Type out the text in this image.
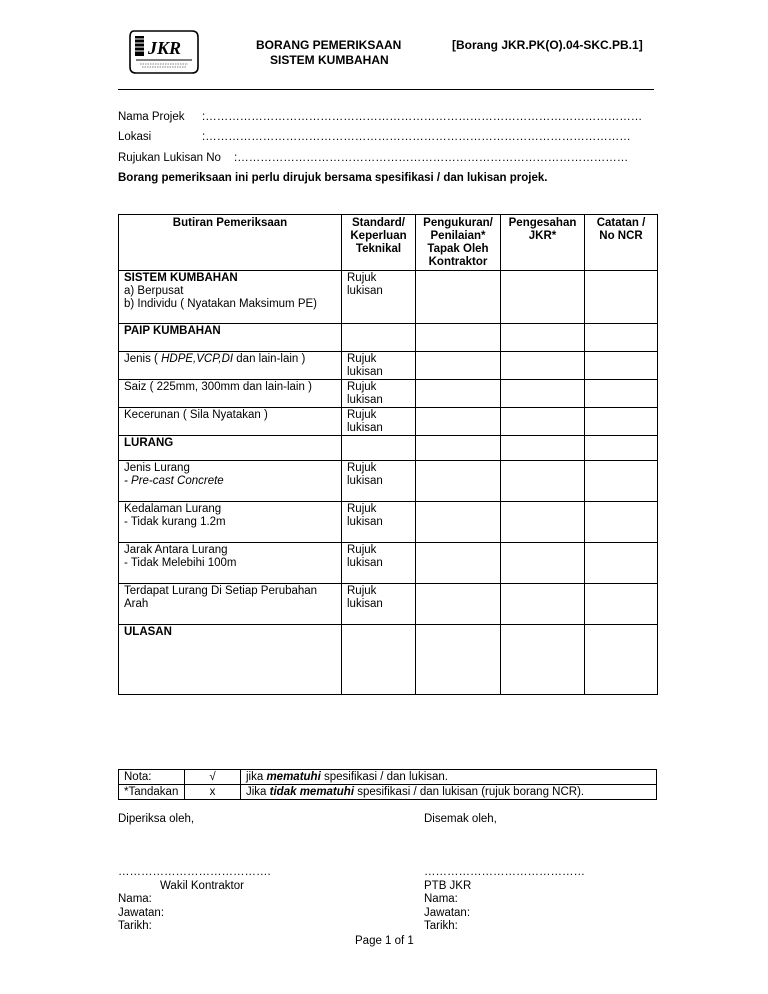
JKR	BORANG PEMERIKSAAN
SISTEM KUMBAHAN
[Borang JKR.PK(O).04-SKC.PB.1]
Nama Projek :……………………………………………………………………………………………………
Lokasi	:…………………………………………………………………………………………………
Rujukan Lukisan No :…………………………………………………………………………………………
Borang pemeriksaan ini perlu dirujuk bersama spesifikasi / dan lukisan projek.
Butiran Pemeriksaan	Standard/ Keperluan Teknikal	Pengukuran/ Penilaian* Tapak Oleh Kontraktor	Pengesahan JKR*	Catatan / No NCR

SISTEM KUMBAHAN
a) Berpusat
b) Individu ( Nyatakan Maksimum PE)	Rujuk lukisan			
PAIP KUMBAHAN				
Jenis ( HDPE,VCP,DI dan lain-lain )	Rujuk lukisan			
Saiz ( 225mm, 300mm dan lain-lain )	Rujuk lukisan			
Kecerunan ( Sila Nyatakan )	Rujuk lukisan			
LURANG				

Jenis Lurang
- Pre-cast Concrete	Rujuk lukisan			

Kedalaman Lurang
- Tidak kurang 1.2m	Rujuk lukisan			

Jarak Antara Lurang
- Tidak Melebihi 100m	Rujuk lukisan			
Terdapat Lurang Di Setiap Perubahan Arah	Rujuk lukisan			
ULASAN				
Nota:	√	jika mematuhi spesifikasi / dan lukisan.
*Tandakan	x	Jika tidak mematuhi spesifikasi / dan lukisan (rujuk borang NCR).
Diperiksa oleh,	Disemak oleh,
………………………………….	……………………………………
Wakil Kontraktor	PTB JKR
Nama:	Nama:
Jawatan:	Jawatan:
Tarikh:	Tarikh:
Page 1 of 1
